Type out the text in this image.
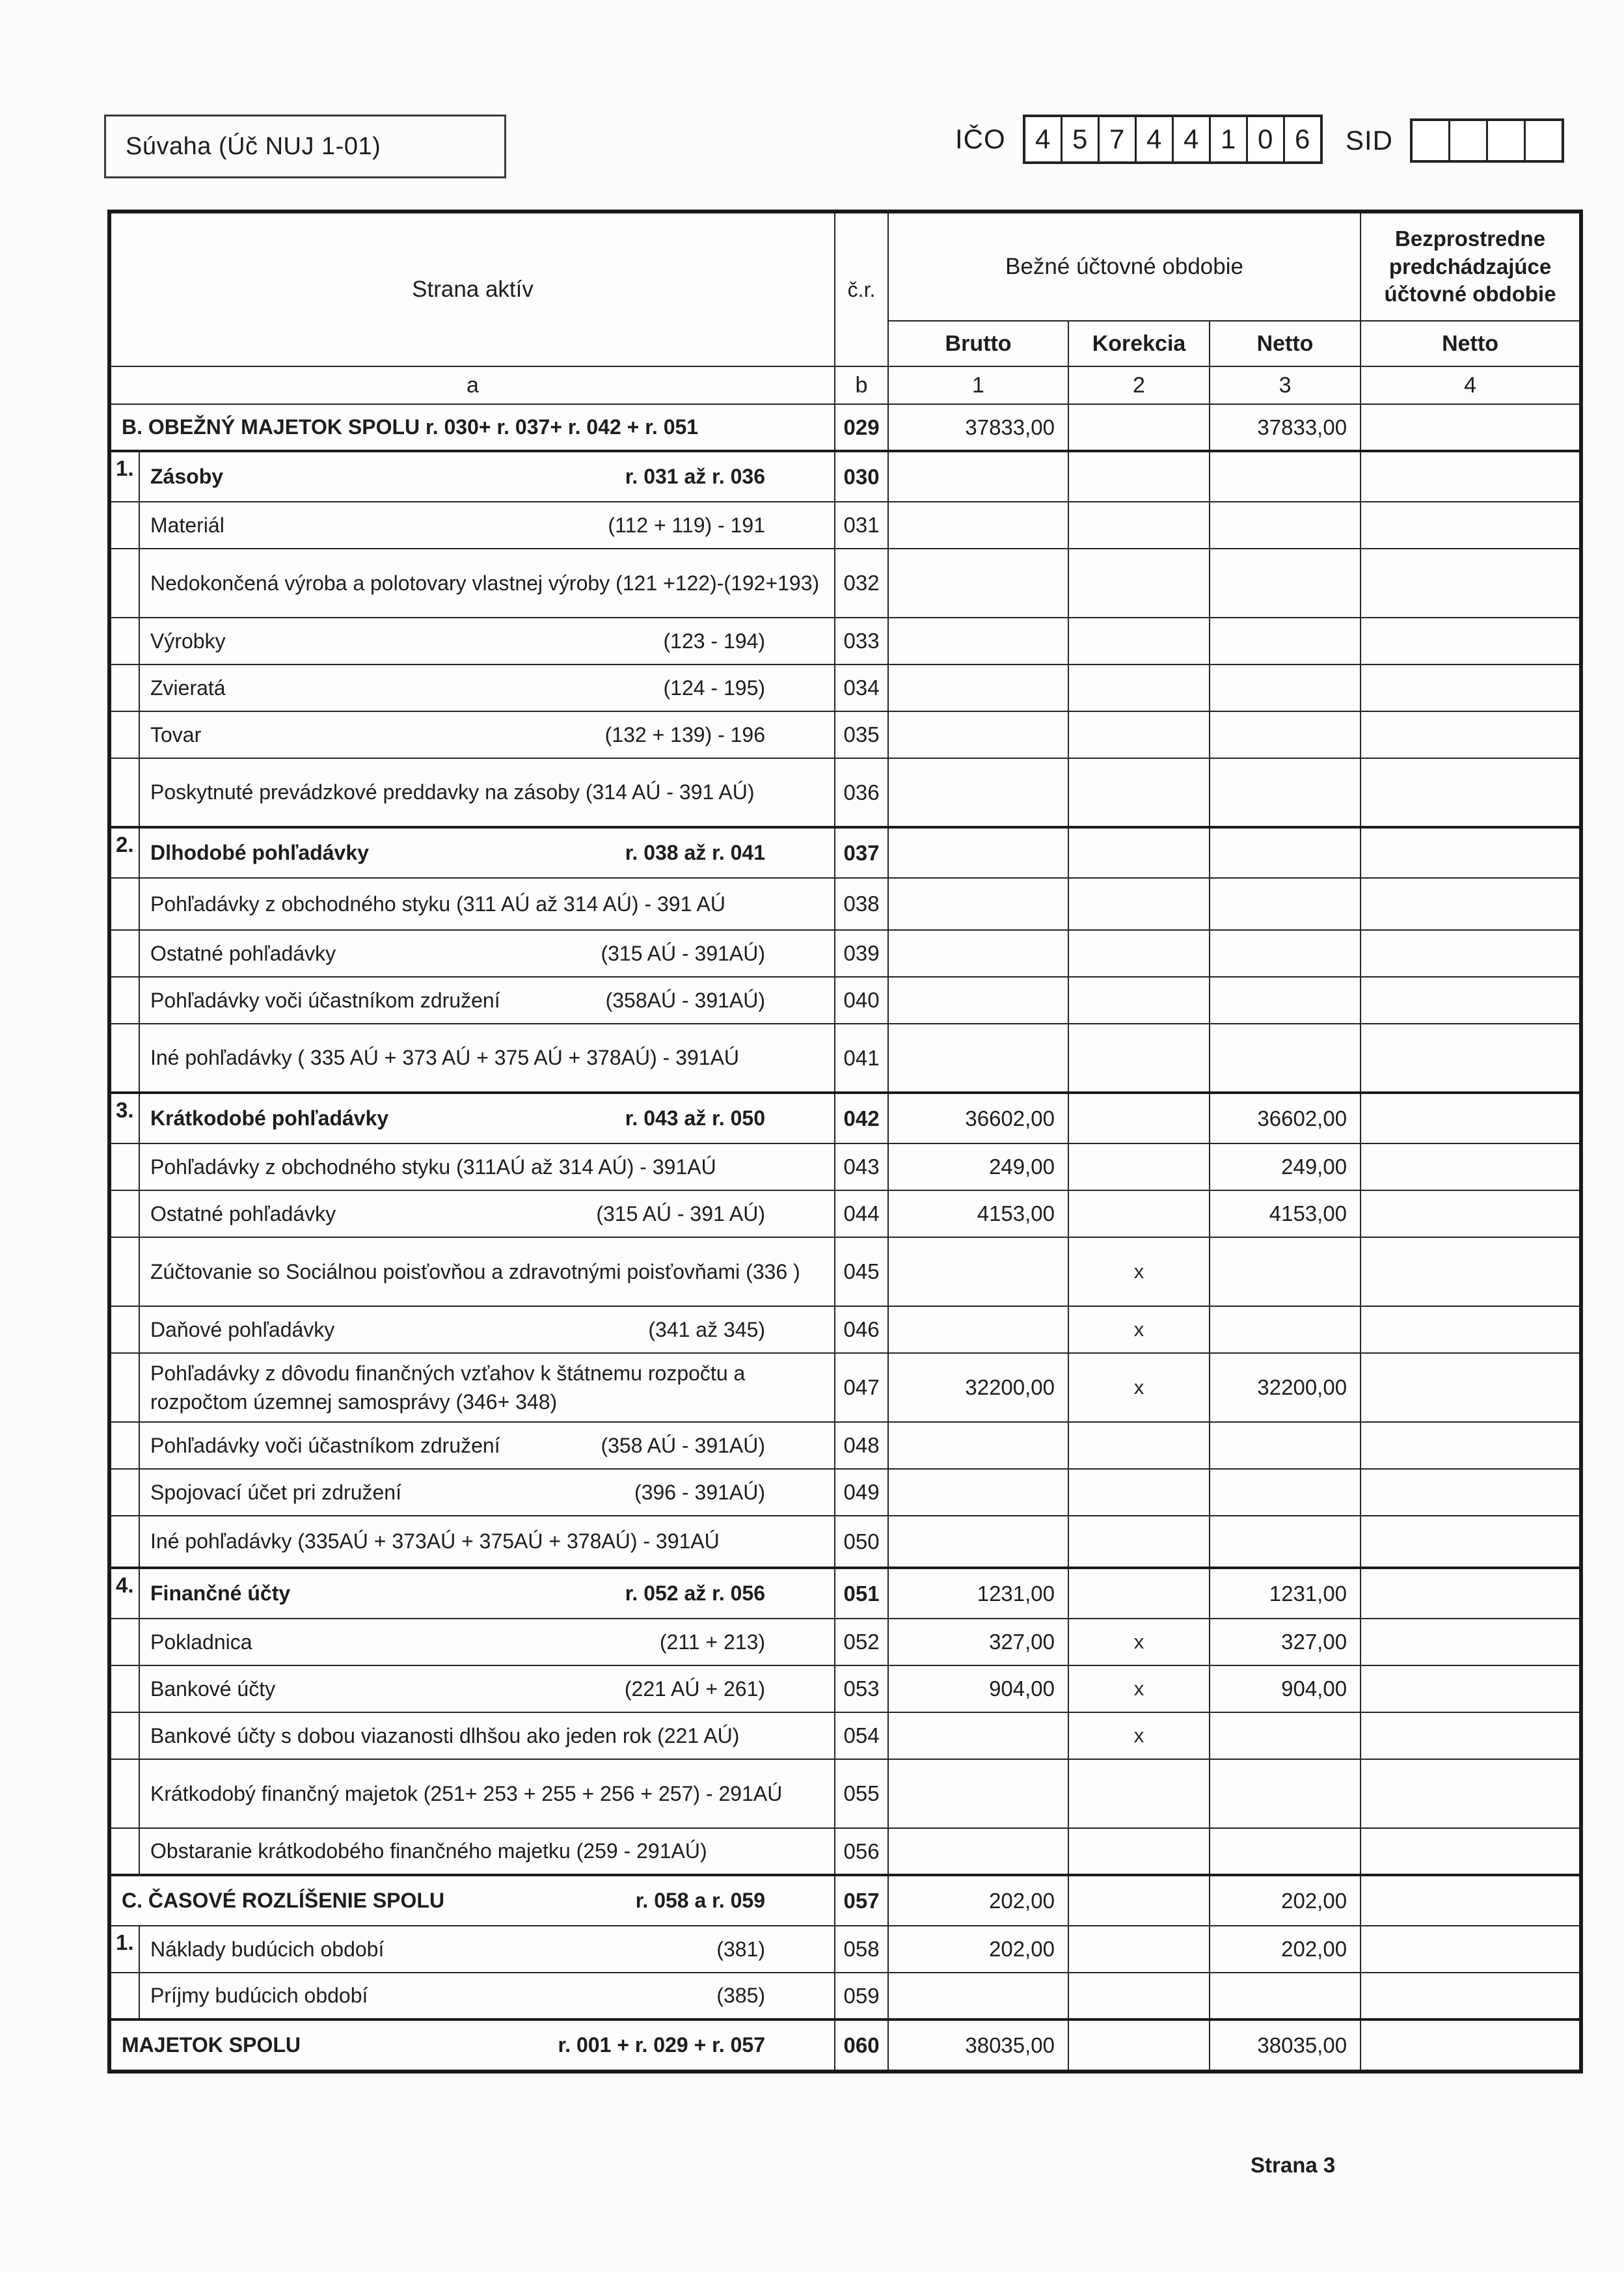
Súvaha (Úč NUJ 1-01)	IČO	4 5 7 4 4 1 0 6	SID
Strana aktív		č.r.	Bežné účtovné obdobie			Bezprostredne predchádzajúce účtovné obdobie
			Brutto	Korekcia	Netto	Netto
a		b	1	2	3	4

B. OBEŽNÝ MAJETOK SPOLU r. 030+ r. 037+ r. 042 + r. 051		029	37833,00		37833,00	
1.	Zásoby r. 031 až r. 036	030				

	Materiál (112 + 119) - 191	031				

	Nedokončená výroba a polotovary vlastnej výroby (121 +122)-(192+193)	032				

	Výrobky (123 - 194)	033				

	Zvieratá (124 - 195)	034				

	Tovar (132 + 139) - 196	035				

	Poskytnuté prevádzkové preddavky na zásoby (314 AÚ - 391 AÚ)	036				
2.	Dlhodobé pohľadávky r. 038 až r. 041	037				

	Pohľadávky z obchodného styku (311 AÚ až 314 AÚ) - 391 AÚ	038				

	Ostatné pohľadávky (315 AÚ - 391AÚ)	039				

	Pohľadávky voči účastníkom združení (358AÚ - 391AÚ)	040				

	Iné pohľadávky ( 335 AÚ + 373 AÚ + 375 AÚ + 378AÚ) - 391AÚ	041				
3.	Krátkodobé pohľadávky r. 043 až r. 050	042	36602,00		36602,00	

	Pohľadávky z obchodného styku (311AÚ až 314 AÚ) - 391AÚ	043	249,00		249,00	

	Ostatné pohľadávky (315 AÚ - 391 AÚ)	044	4153,00		4153,00	

	Zúčtovanie so Sociálnou poisťovňou a zdravotnými poisťovňami (336 )	045		x		

	Daňové pohľadávky (341 až 345)	046		x		

	Pohľadávky z dôvodu finančných vzťahov k štátnemu rozpočtu a rozpočtom územnej samosprávy (346+ 348)	047	32200,00	x	32200,00	

	Pohľadávky voči účastníkom združení (358 AÚ - 391AÚ)	048				

	Spojovací účet pri združení (396 - 391AÚ)	049				

	Iné pohľadávky (335AÚ + 373AÚ + 375AÚ + 378AÚ) - 391AÚ	050				
4.	Finančné účty r. 052 až r. 056	051	1231,00		1231,00	

	Pokladnica (211 + 213)	052	327,00	x	327,00	

	Bankové účty (221 AÚ + 261)	053	904,00	x	904,00	

	Bankové účty s dobou viazanosti dlhšou ako jeden rok (221 AÚ)	054		x		

	Krátkodobý finančný majetok (251+ 253 + 255 + 256 + 257) - 291AÚ	055				

	Obstaranie krátkodobého finančného majetku (259 - 291AÚ)	056				

C. ČASOVÉ ROZLÍŠENIE SPOLU r. 058 a r. 059		057	202,00		202,00	
1.	Náklady budúcich období (381)	058	202,00		202,00	

	Príjmy budúcich období (385)	059				

MAJETOK SPOLU r. 001 + r. 029 + r. 057		060	38035,00		38035,00	
Strana 3
